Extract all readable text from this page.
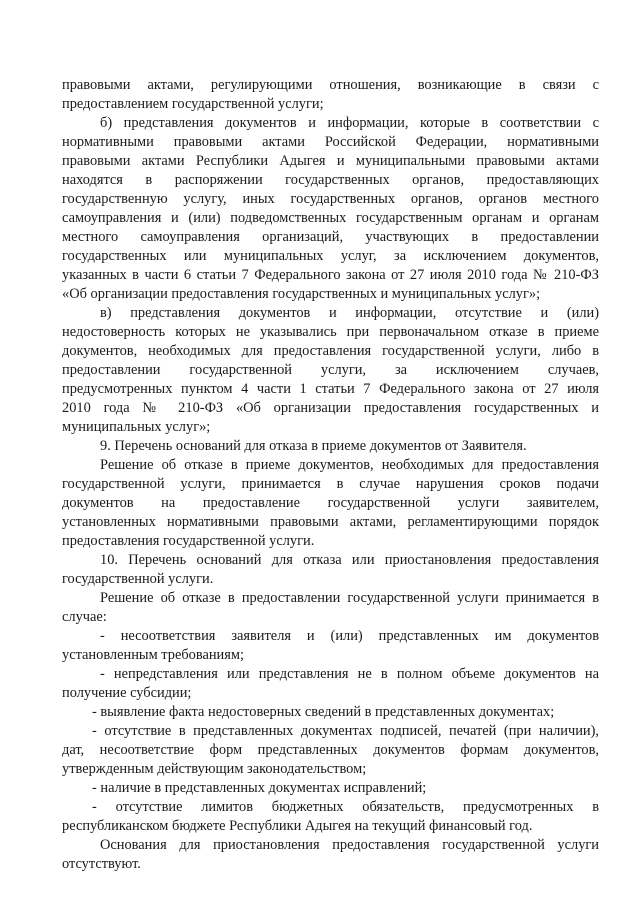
правовыми актами, регулирующими отношения, возникающие в связи с
предоставлением государственной услуги;
б) представления документов и информации, которые в соответствии с
нормативными правовыми актами Российской Федерации, нормативными
правовыми актами Республики Адыгея и муниципальными правовыми актами
находятся в распоряжении государственных органов, предоставляющих
государственную услугу, иных государственных органов, органов местного
самоуправления и (или) подведомственных государственным органам и органам
местного самоуправления организаций, участвующих в предоставлении
государственных или муниципальных услуг, за исключением документов,
указанных в части 6 статьи 7 Федерального закона от 27 июля 2010 года № 210-ФЗ
«Об организации предоставления государственных и муниципальных услуг»;
в) представления документов и информации, отсутствие и (или)
недостоверность которых не указывались при первоначальном отказе в приеме
документов, необходимых для предоставления государственной услуги, либо в
предоставлении государственной услуги, за исключением случаев,
предусмотренных пунктом 4 части 1 статьи 7 Федерального закона от 27 июля
2010 года № 210-ФЗ «Об организации предоставления государственных и
муниципальных услуг»;
9. Перечень оснований для отказа в приеме документов от Заявителя.
Решение об отказе в приеме документов, необходимых для предоставления
государственной услуги, принимается в случае нарушения сроков подачи
документов на предоставление государственной услуги заявителем,
установленных нормативными правовыми актами, регламентирующими порядок
предоставления государственной услуги.
10. Перечень оснований для отказа или приостановления предоставления
государственной услуги.
Решение об отказе в предоставлении государственной услуги принимается в
случае:
- несоответствия заявителя и (или) представленных им документов
установленным требованиям;
- непредставления или представления не в полном объеме документов на
получение субсидии;
- выявление факта недостоверных сведений в представленных документах;
- отсутствие в представленных документах подписей, печатей (при наличии),
дат, несоответствие форм представленных документов формам документов,
утвержденным действующим законодательством;
- наличие в представленных документах исправлений;
- отсутствие лимитов бюджетных обязательств, предусмотренных в
республиканском бюджете Республики Адыгея на текущий финансовый год.
Основания для приостановления предоставления государственной услуги
отсутствуют.
